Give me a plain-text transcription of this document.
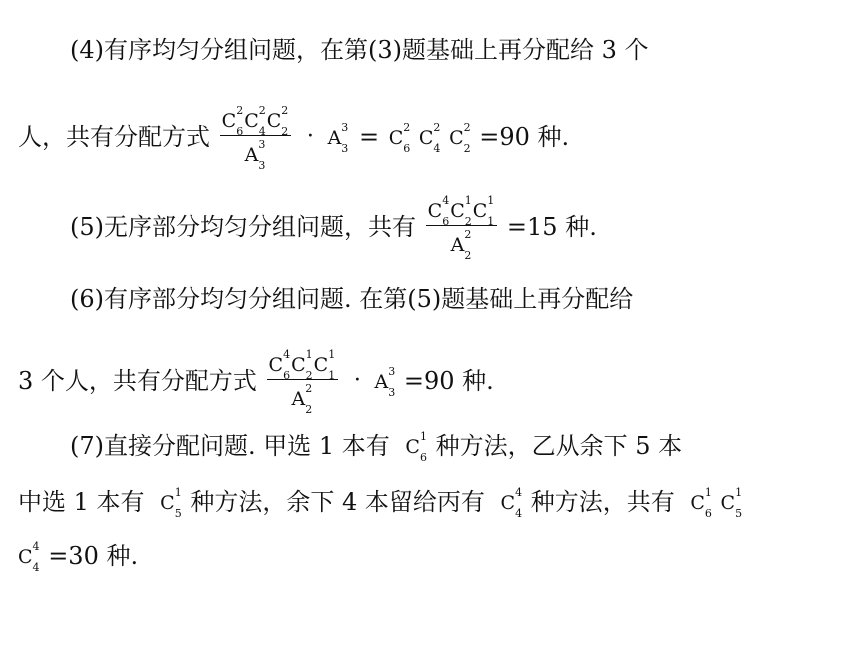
(4)有序均匀分组问题，在第(3)题基础上再分配给 3 个
人，共有分配方式 C 2
6 C 2
4 C 2
2
A 3
3 · A 3
3 = C 2
6 C 2
4 C 2
2 =90 种.
(5)无序部分均匀分组问题，共有 C 4
6 C 1
2 C 1
1
A 2
2 =15 种.
(6)有序部分均匀分组问题. 在第(5)题基础上再分配给
3 个人，共有分配方式 C 4
6 C 1
2 C 1
1
A 2
2 · A 3
3 =90 种.
(7)直接分配问题. 甲选 1 本有 C 1
6 种方法，乙从余下 5 本
中选 1 本有 C 1
5 种方法，余下 4 本留给丙有 C 4
4 种方法，共有 C 1
6 C 1
5
C 4
4 =30 种.
